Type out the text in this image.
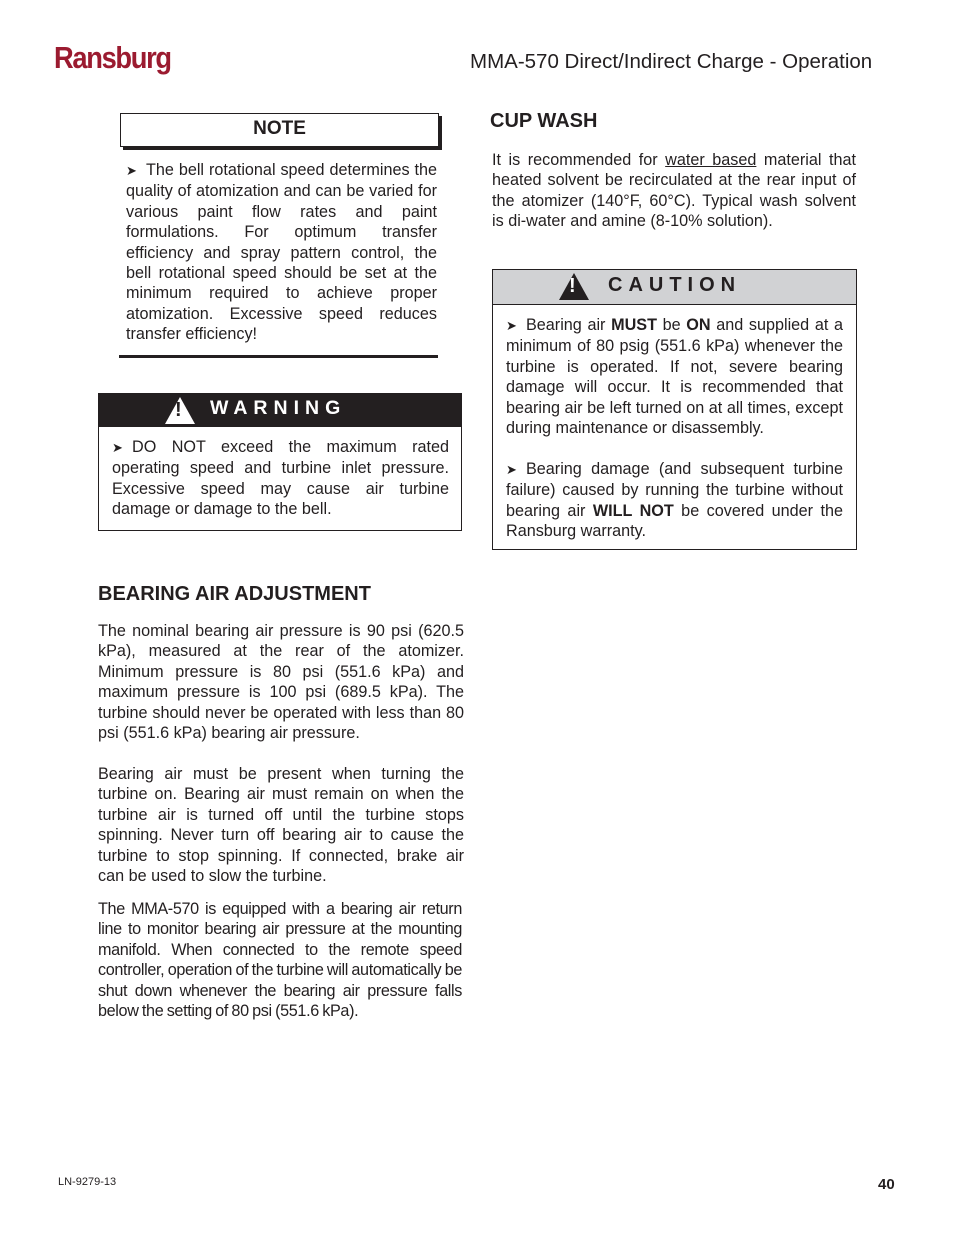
Ransburg	MMA-570 Direct/Indirect Charge - Operation
NOTE
➤ The bell rotational speed determines the quality of atomization and can be varied for various paint flow rates and paint formulations. For optimum transfer efficiency and spray pattern control, the bell rotational speed should be set at the minimum required to achieve proper atomization. Excessive speed reduces transfer efficiency!
! WARNING
➤ DO NOT exceed the maximum rated operating speed and turbine inlet pressure. Excessive speed may cause air turbine damage or damage to the bell.
BEARING AIR ADJUSTMENT
The nominal bearing air pressure is 90 psi (620.5 kPa), measured at the rear of the atomizer. Minimum pressure is 80 psi (551.6 kPa) and maximum pressure is 100 psi (689.5 kPa). The turbine should never be operated with less than 80 psi (551.6 kPa) bearing air pressure.
Bearing air must be present when turning the turbine on. Bearing air must remain on when the turbine air is turned off until the turbine stops spinning. Never turn off bearing air to cause the turbine to stop spinning. If connected, brake air can be used to slow the turbine.

The MMA-570 is equipped with a bearing air return line to monitor bearing air pressure at the mounting manifold. When connected to the remote speed controller, operation of the turbine will automatically be shut down whenever the bearing air pressure falls below the setting of 80 psi (551.6 kPa).

CUP WASH
It is recommended for water based material that heated solvent be recirculated at the rear input of the atomizer (140°F, 60°C). Typical wash solvent is di-water and amine (8-10% solution).
! CAUTION

➤ Bearing air MUST be ON and supplied at a minimum of 80 psig (551.6 kPa) whenever the turbine is operated. If not, severe bearing damage will occur. It is recommended that bearing air be left turned on at all times, except during maintenance or disassembly.

➤ Bearing damage (and subsequent turbine failure) caused by running the turbine without bearing air WILL NOT be covered under the Ransburg warranty.

LN-9279-13	40
